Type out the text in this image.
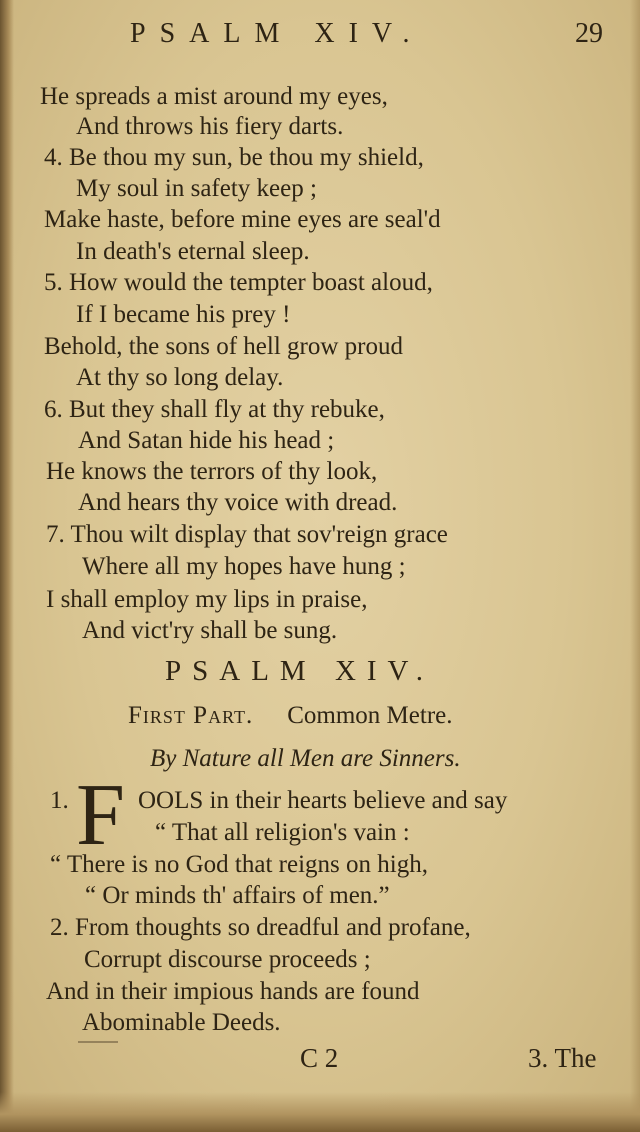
PSALM XIV.	29
He spreads a mist around my eyes,
And throws his fiery darts.
4. Be thou my sun, be thou my shield,
My soul in safety keep ;
Make haste, before mine eyes are seal'd
In death's eternal sleep.
5. How would the tempter boast aloud,
If I became his prey !
Behold, the sons of hell grow proud
At thy so long delay.
6. But they shall fly at thy rebuke,
And Satan hide his head ;
He knows the terrors of thy look,
And hears thy voice with dread.
7. Thou wilt display that sov'reign grace
Where all my hopes have hung ;
I shall employ my lips in praise,
And vict'ry shall be sung.
PSALM XIV.
First Part. Common Metre.
By Nature all Men are Sinners.
1. F OOLS in their hearts believe and say
“ That all religion's vain :
“ There is no God that reigns on high,
“ Or minds th' affairs of men.”
2. From thoughts so dreadful and profane,
Corrupt discourse proceeds ;
And in their impious hands are found
Abominable Deeds.
C 2	3. The
